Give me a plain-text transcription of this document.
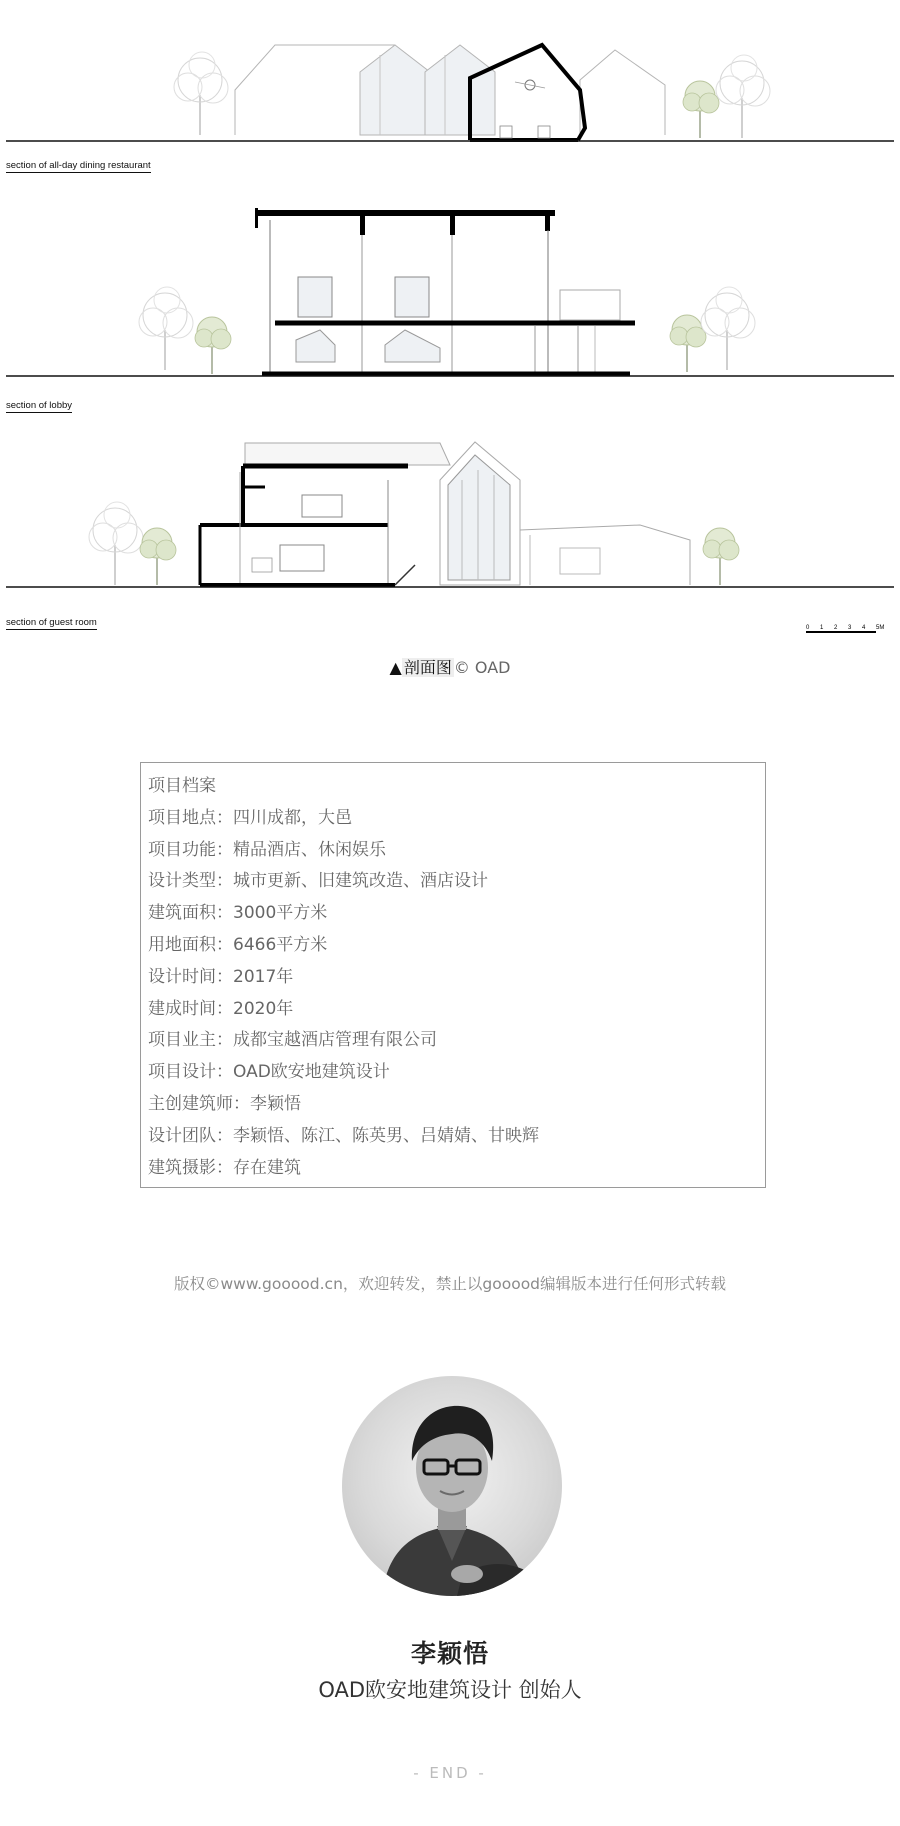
section of all-day dining restaurant
section of lobby
section of guest room	0 1 2 3 4 5M
▲ 剖面图 © OAD
项目档案
项目地点：四川成都，大邑
项目功能：精品酒店、休闲娱乐
设计类型：城市更新、旧建筑改造、酒店设计
建筑面积：3000平方米
用地面积：6466平方米
设计时间：2017年
建成时间：2020年
项目业主：成都宝越酒店管理有限公司
项目设计：OAD欧安地建筑设计
主创建筑师：李颖悟
设计团队：李颖悟、陈江、陈英男、吕婧婧、甘映辉
建筑摄影：存在建筑
版权©www.gooood.cn，欢迎转发，禁止以gooood编辑版本进行任何形式转载
李颖悟
OAD欧安地建筑设计 创始人
- END -
